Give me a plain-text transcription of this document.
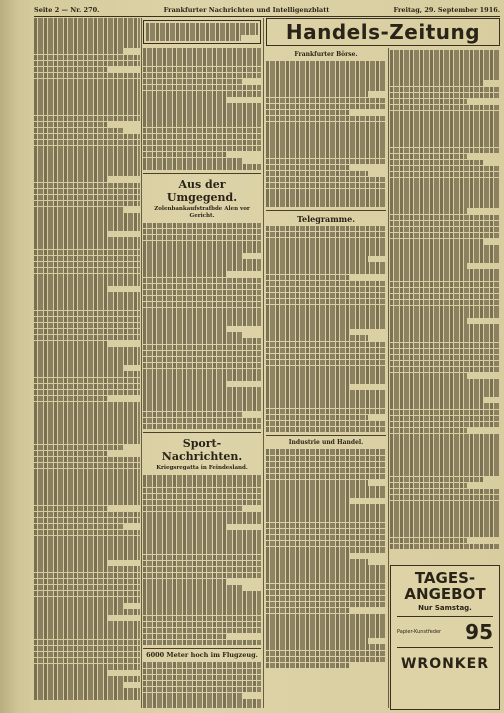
Seite 2 — Nr. 270.	Frankfurter Nachrichten und Intelligenzblatt	Freitag, 29. September 1916.
Aus der Umgegend.
Zolenbankaufstrafbde Alen vor Gericht.
Sport-Nachrichten.
Kriegsregatta in Feindesland.
6000 Meter hoch im Flugzeug.
Handels-Zeitung
Frankfurter Börse.
Telegramme.
Industrie und Handel.
TAGES-
ANGEBOT
Nur Samstag.
Papier-Kunstfeder 95
WRONKER
